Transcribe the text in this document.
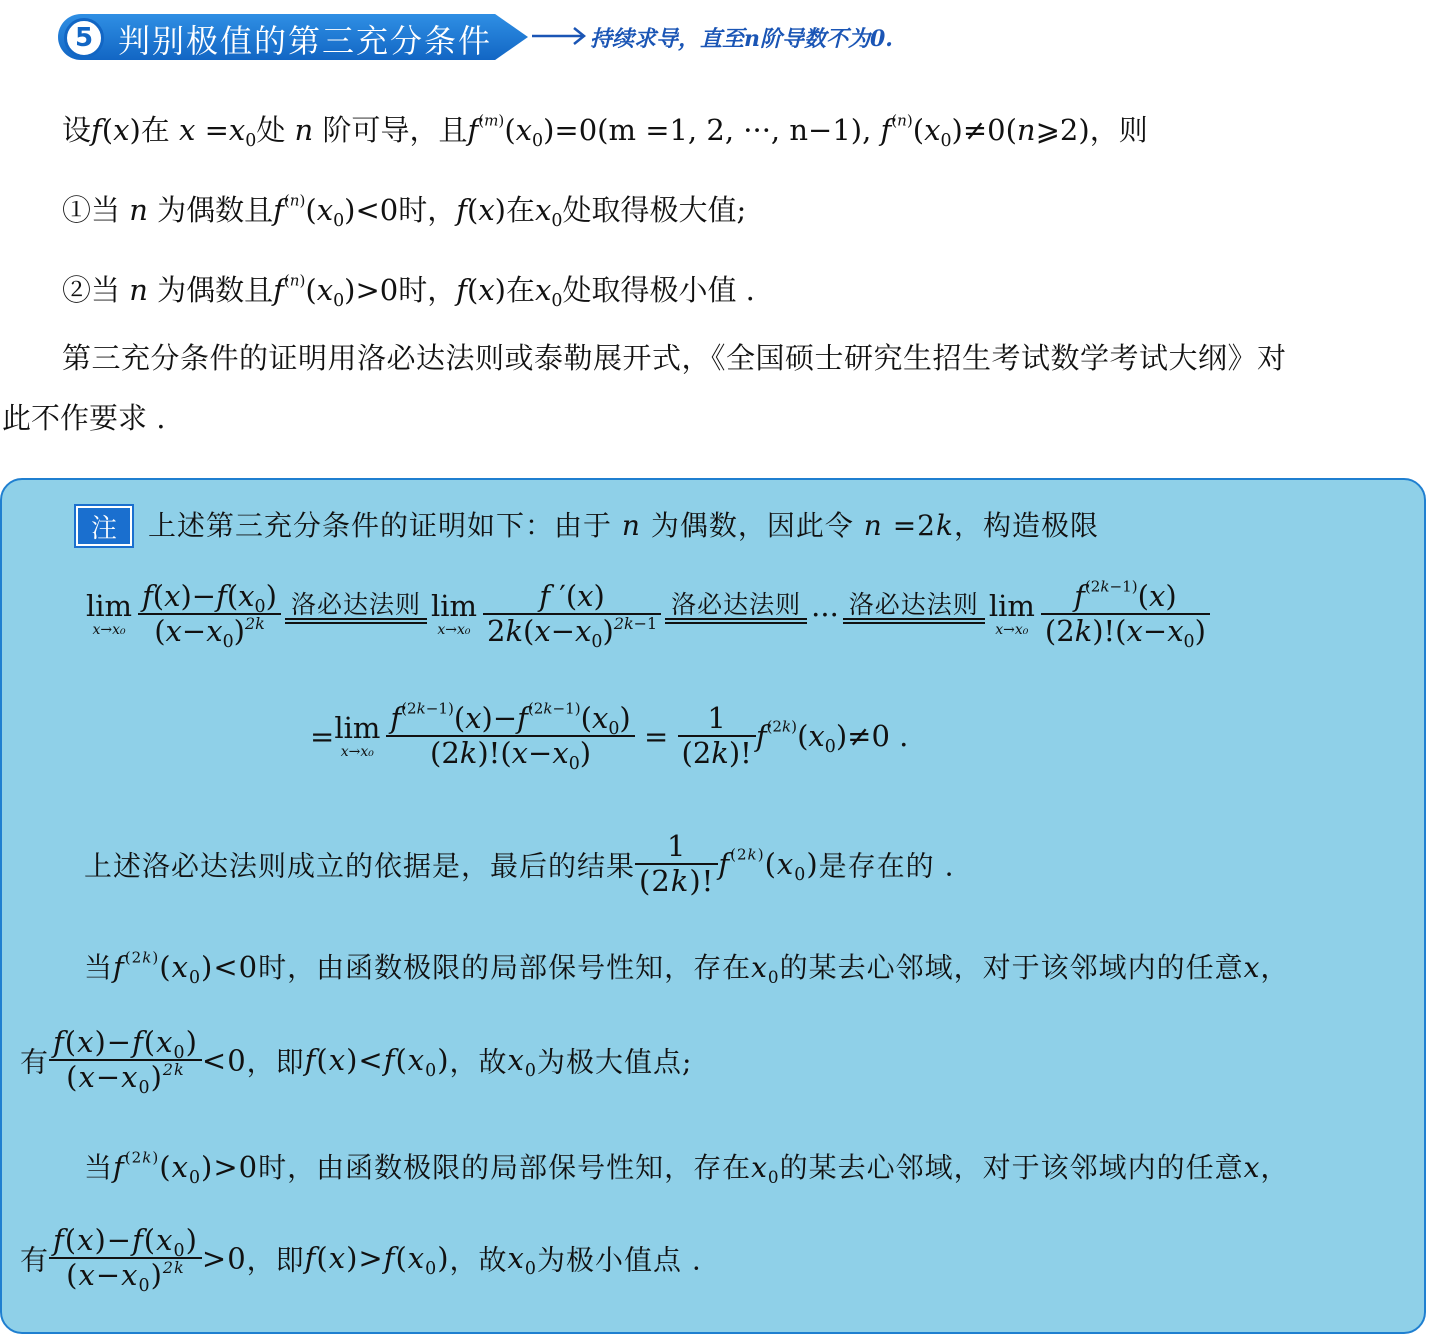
5 判别极值的第三充分条件	持续求导，直至n阶导数不为0.
设f(x)在 $x =x_0$处 n 阶可导，且$f^{(m)}(x_0)=0(m =1$, 2, ···, n−1), $f^{(n)}(x_0)\ne 0(n⩾2)$，则
①当 n 为偶数且$f^{(n)}(x_0)<0$时，f(x)在$x_0$处取得极大值;
②当 n 为偶数且$f^{(n)}(x_0)>0$时，f(x)在$x_0$处取得极小值 .
第三充分条件的证明用洛必达法则或泰勒展开式，《全国硕士研究生招生考试数学考试大纲》对
此不作要求 .
注	上述第三充分条件的证明如下：由于 n 为偶数，因此令 n =2k，构造极限
lim
$x\to x_0 \frac{f(x)-f(x_0)}{(x-x_0)^{2k}}$ 洛必达法则 lim
$x\to x_0 \frac{f '(x)}{2k(x-x_0)^{2k-1}}$ 洛必达法则 ··· 洛必达法则 lim
$x\to x_0 \frac{f^{(2k-1)}(x)}{(2k)!(x-x_0)}$
= lim
$x\to x_0 \frac{f^{(2k-1)}(x)-f^{(2k-1)}(x_0)}{(2k)!(x-x_0)} = \frac{1}{(2k)!} f^{(2k)}(x_0)\ne 0$ .
上述洛必达法则成立的依据是，最后的结果 $\frac{1}{(2k)!} f^{(2k)}(x_0)$是存在的 .
当$f^{(2k)}(x_0)<0$时，由函数极限的局部保号性知，存在$x_0$的某去心邻域，对于该邻域内的任意x，
有 $\frac{f(x)-f(x_0)}{(x-x_0)^{2k}} <0$，即$f(x)<f(x_0)$，故$x_0$为极大值点;
当$f^{(2k)}(x_0)>0$时，由函数极限的局部保号性知，存在$x_0$的某去心邻域，对于该邻域内的任意x，
有 $\frac{f(x)-f(x_0)}{(x-x_0)^{2k}} >0$，即$f(x)>f(x_0)$，故$x_0$为极小值点 .
